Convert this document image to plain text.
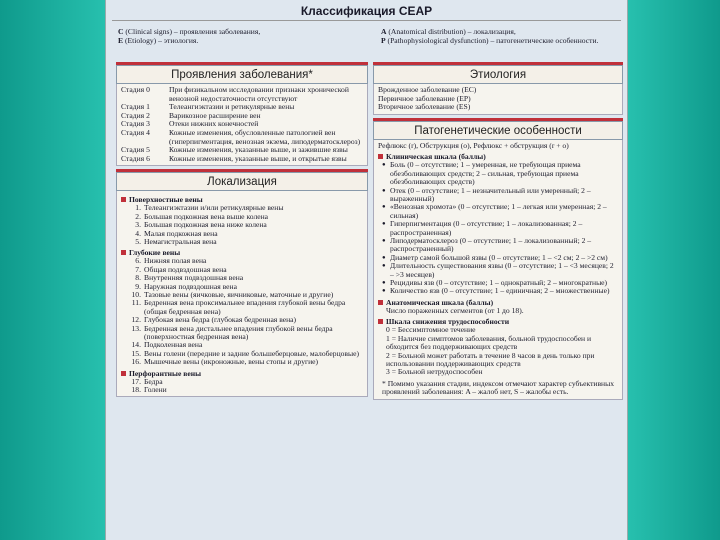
Классификация CEAP
C (Clinical signs) – проявления заболевания,
E (Etiology) – этиология.
A (Anatomical distribution) – локализация,
P (Pathophysiological dysfunction) – патогенетические особенности.
Проявления заболевания*
Стадия 0	При физикальном исследовании признаки хронической венозной недостаточности отсутствуют
Стадия 1	Телеангиэктазии и ретикулярные вены
Стадия 2	Варикозное расширение вен
Стадия 3	Отеки нижних конечностей
Стадия 4	Кожные изменения, обусловленные патологией вен (гиперпигментация, венозная экзема, липодерматосклероз)
Стадия 5	Кожные изменения, указанные выше, и зажившие язвы
Стадия 6	Кожные изменения, указанные выше, и открытые язвы
Локализация
Поверхностные вены
1. Телеангиэктазии и/или ретикулярные вены
2. Большая подкожная вена выше колена
3. Большая подкожная вена ниже колена
4. Малая подкожная вена
5. Немагистральная вена
Глубокие вены
6. Нижняя полая вена
7. Общая подвздошная вена
8. Внутренняя подвздошная вена
9. Наружная подвздошная вена
10. Тазовые вены (яичковые, яичниковые, маточные и другие)
11. Бедренная вена проксимальнее впадения глубокой вены бедра (общая бедренная вена)
12. Глубокая вена бедра (глубокая бедренная вена)
13. Бедренная вена дистальнее впадения глубокой вены бедра (поверхностная бедренная вена)
14. Подколенная вена
15. Вены голени (передние и задние большеберцовые, малоберцовые)
16. Мышечные вены (икроножные, вены стопы и другие)
Перфорантные вены
17. Бедра
18. Голени
Этиология
Врожденное заболевание (EC)
Первичное заболевание (EP)
Вторичное заболевание (ES)
Патогенетические особенности
Рефлюкс (r), Обструкция (o), Рефлюкс + обструкция (r + o)
Клиническая шкала (баллы)
● Боль (0 – отсутствие; 1 – умеренная, не требующая приема обезболивающих средств; 2 – сильная, требующая приема обезболивающих средств)
● Отек (0 – отсутствие; 1 – незначительный или умеренный; 2 – выраженный)
● «Венозная хромота» (0 – отсутствие; 1 – легкая или умеренная; 2 – сильная)
● Гиперпигментация (0 – отсутствие; 1 – локализованная; 2 – распространенная)
● Липодерматосклероз (0 – отсутствие; 1 – локализованный; 2 – распространенный)
● Диаметр самой большой язвы (0 – отсутствие; 1 – <2 см; 2 – >2 см)
● Длительность существования язвы (0 – отсутствие; 1 – <3 месяцев; 2 – >3 месяцев)
● Рецидивы язв (0 – отсутствие; 1 – однократный; 2 – многократные)
● Количество язв (0 – отсутствие; 1 – единичная; 2 – множественные)
Анатомическая шкала (баллы)
Число пораженных сегментов (от 1 до 18).
Шкала снижения трудоспособности
0 = Бессимптомное течение
1 = Наличие симптомов заболевания, больной трудоспособен и обходится без поддерживающих средств
2 = Больной может работать в течение 8 часов в день только при использовании поддерживающих средств
3 = Больной нетрудоспособен
* Помимо указания стадии, индексом отмечают характер субъективных проявлений заболевания: A – жалоб нет, S – жалобы есть.
